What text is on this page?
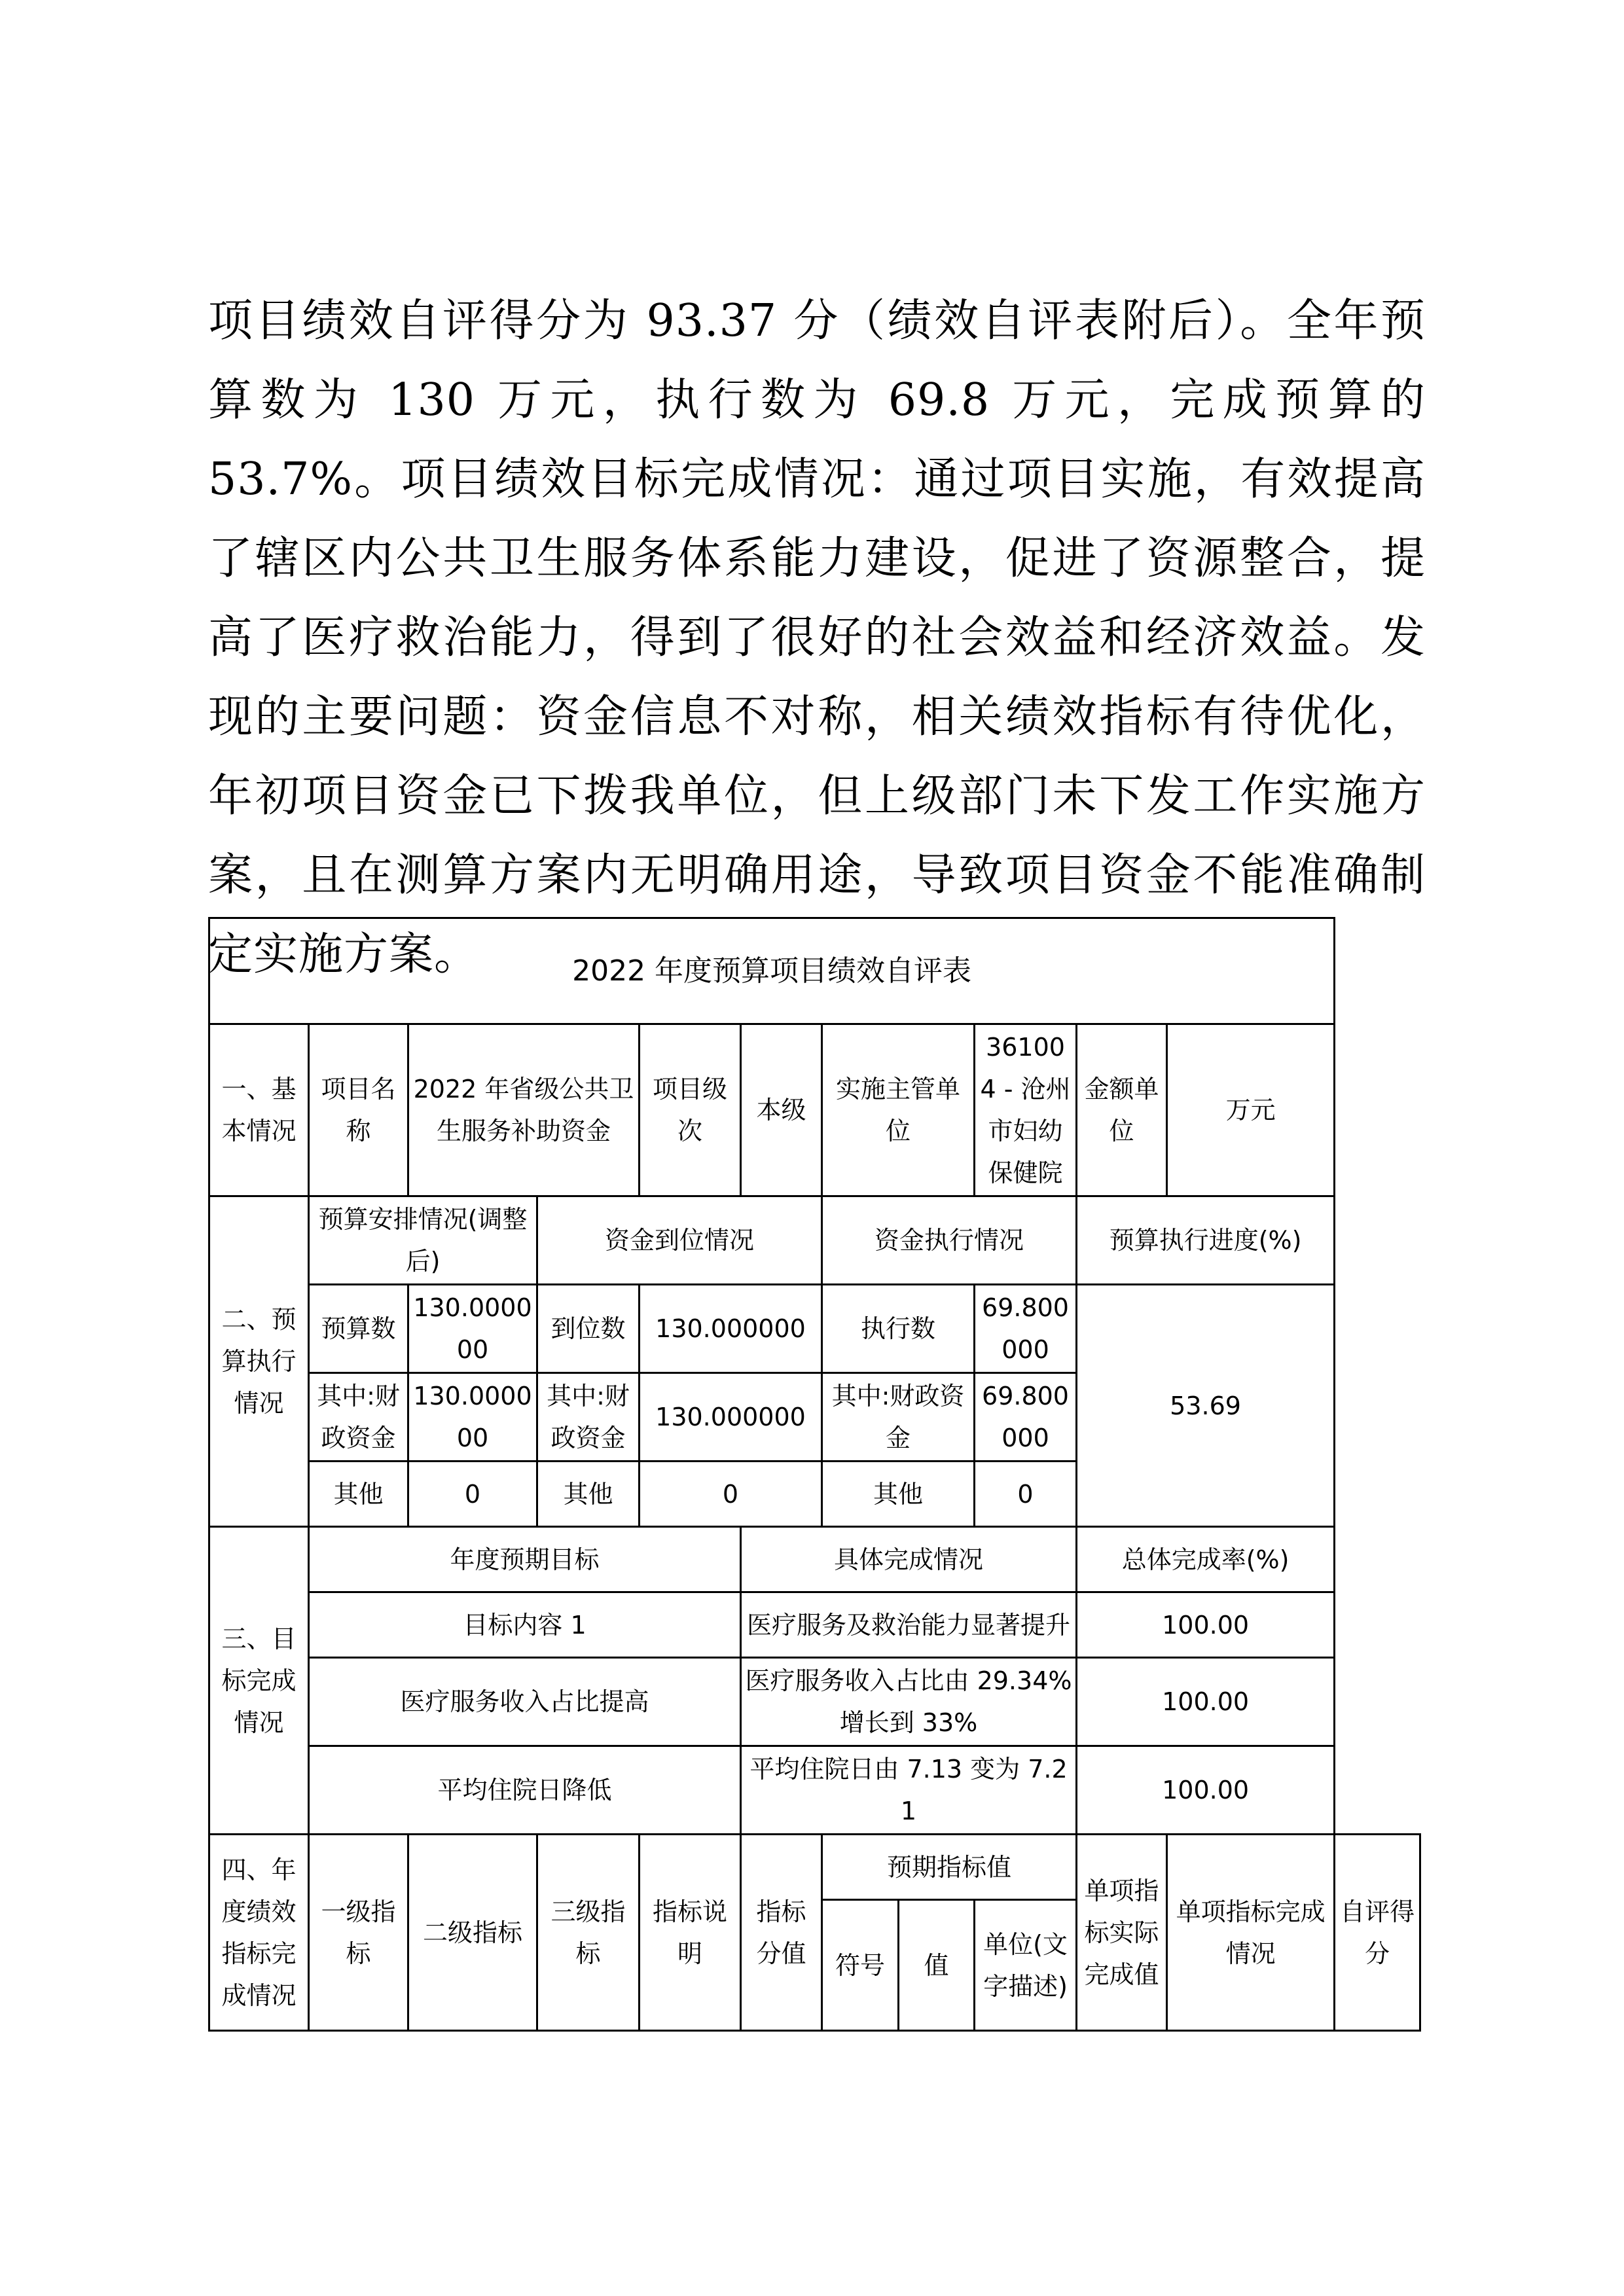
项目绩效自评得分为 93.37 分（绩效自评表附后）。全年预算数为 130 万元，执行数为 69.8 万元，完成预算的 53.7%。项目绩效目标完成情况：通过项目实施，有效提高了辖区内公共卫生服务体系能力建设，促进了资源整合，提高了医疗救治能力，得到了很好的社会效益和经济效益。发现的主要问题：资金信息不对称，相关绩效指标有待优化，年初项目资金已下拨我单位，但上级部门未下发工作实施方案，且在测算方案内无明确用途，导致项目资金不能准确制定实施方案。	2022 年度预算项目绩效自评表											
一、基本情况	项目名称	2022 年省级公共卫生服务补助资金		项目级次	本级	实施主管单位		361004 - 沧州市妇幼保健院	金额单位	万元	
二、预算执行情况	预算安排情况(调整后)		资金到位情况			资金执行情况			预算执行进度(%)		
	预算数	130.000000	到位数	130.000000		执行数		69.800000	53.69		
	其中:财政资金	130.000000	其中:财政资金	130.000000		其中:财政资金		69.800000			
	其他	0	其他	0		其他		0			
三、目标完成情况	年度预期目标				具体完成情况				总体完成率(%)		
	目标内容 1				医疗服务及救治能力显著提升				100.00		
	医疗服务收入占比提高				医疗服务收入占比由 29.34%增长到 33%				100.00		
	平均住院日降低				平均住院日由 7.13 变为 7.21				100.00		
四、年度绩效指标完成情况	一级指标	二级指标	三级指标	指标说明	指标分值	预期指标值			单项指标实际完成值	单项指标完成情况	自评得分
						符号	值	单位(文字描述)			
